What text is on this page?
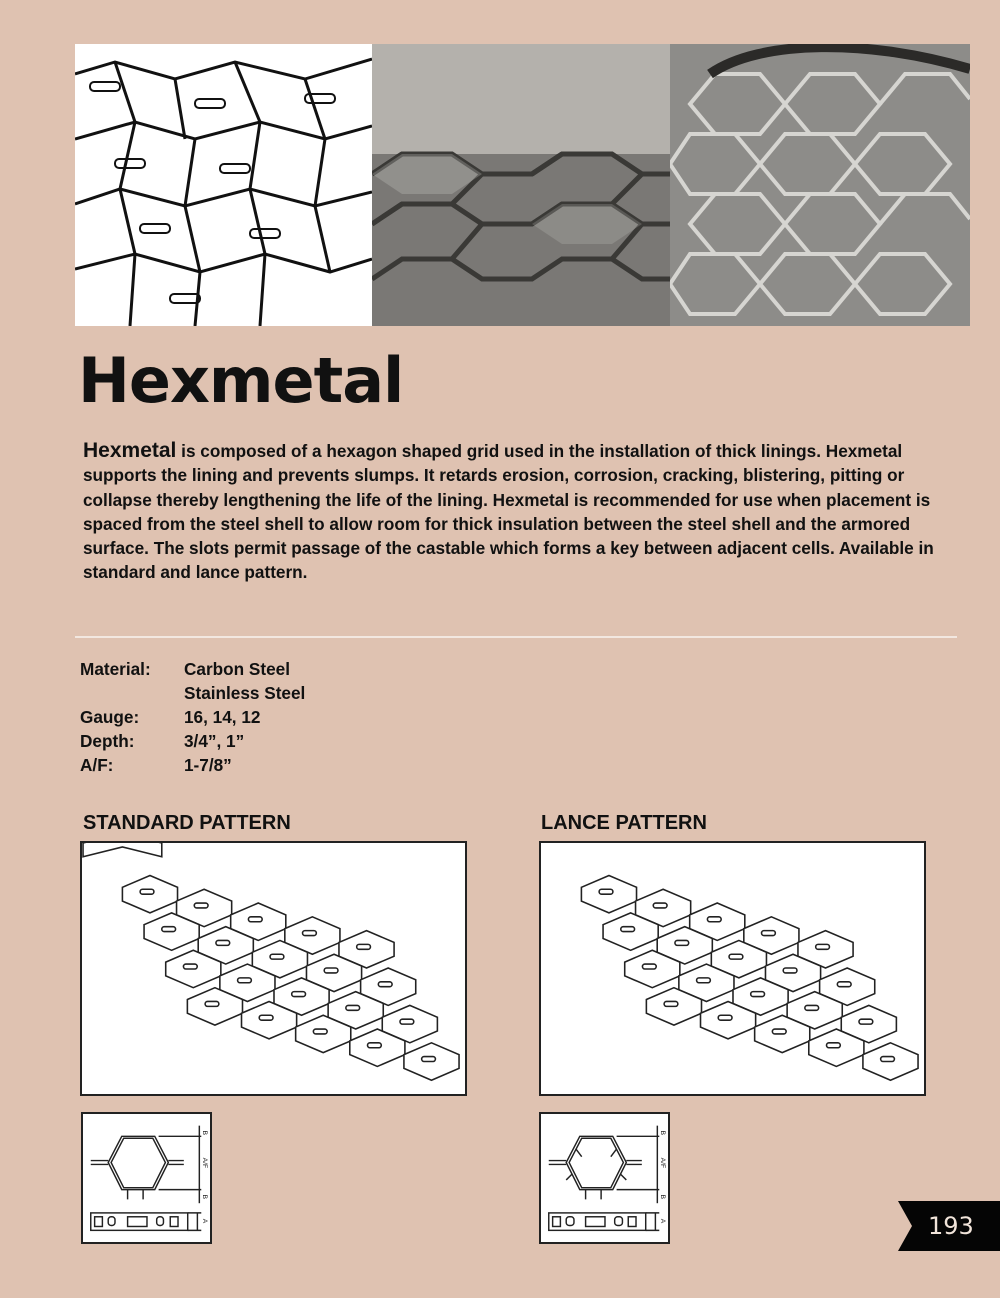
Hexmetal
Hexmetal is composed of a hexagon shaped grid used in the installation of thick linings. Hexmetal supports the lining and prevents slumps. It retards erosion, corrosion, cracking, blistering, pitting or collapse thereby lengthening the life of the lining. Hexmetal is recommended for use when placement is spaced from the steel shell to allow room for thick insulation between the steel shell and the armored surface. The slots permit passage of the castable which forms a key between adjacent cells. Available in standard and lance pattern.
Material:	Carbon Steel
Stainless Steel
Gauge:	16, 14, 12
Depth:	3/4”, 1”
A/F:	1-7/8”
STANDARD PATTERN	LANCE PATTERN
B
A/F
B
A
B
A/F
B
A	193
